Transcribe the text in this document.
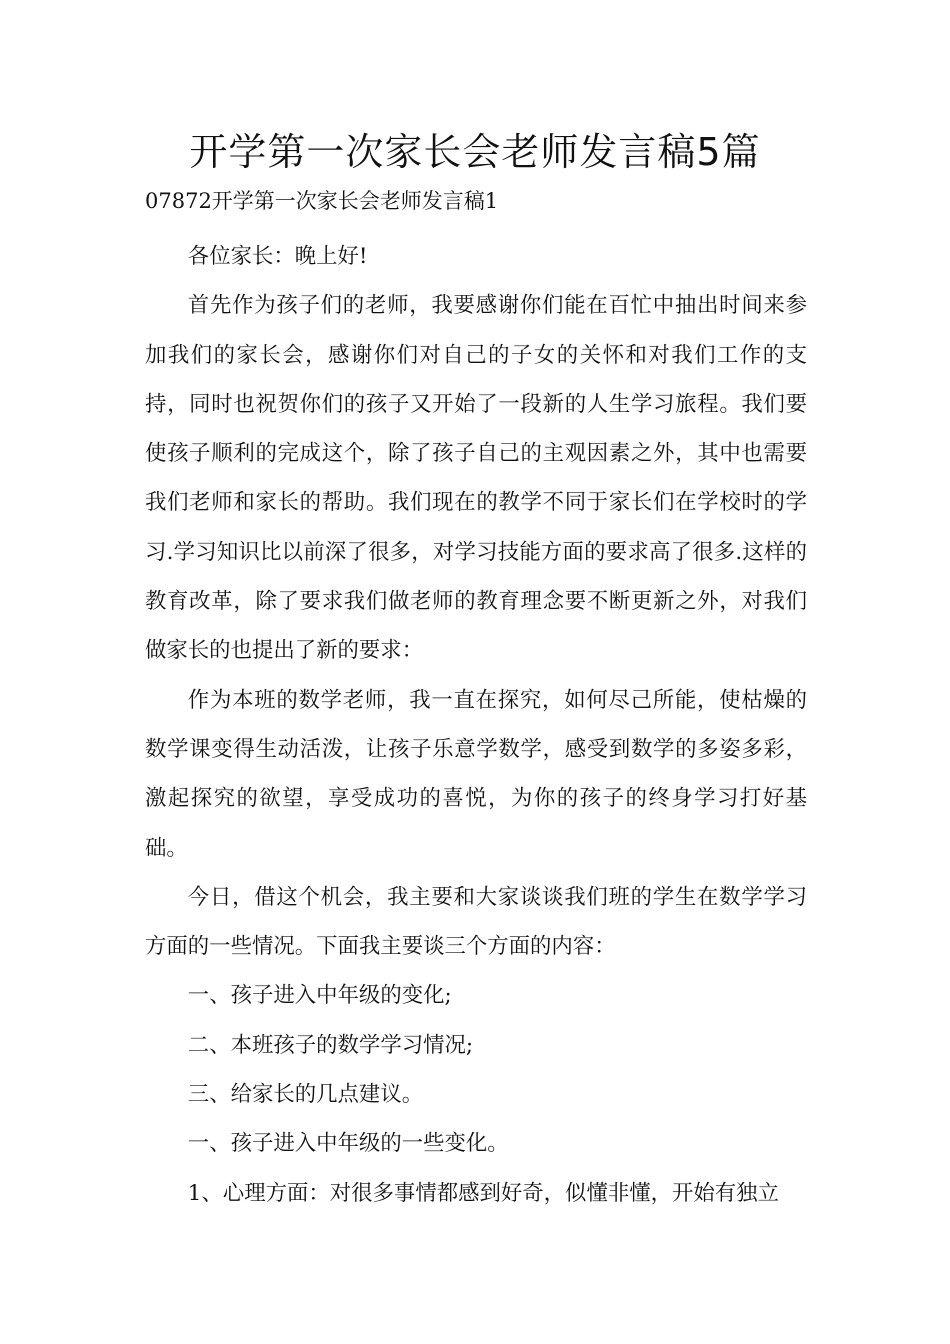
开学第一次家长会老师发言稿5篇
07872开学第一次家长会老师发言稿1

各位家长：晚上好!

首先作为孩子们的老师，我要感谢你们能在百忙中抽出时间来参加我们的家长会，感谢你们对自己的子女的关怀和对我们工作的支持，同时也祝贺你们的孩子又开始了一段新的人生学习旅程。我们要使孩子顺利的完成这个，除了孩子自己的主观因素之外，其中也需要我们老师和家长的帮助。我们现在的教学不同于家长们在学校时的学习.学习知识比以前深了很多，对学习技能方面的要求高了很多.这样的教育改革，除了要求我们做老师的教育理念要不断更新之外，对我们做家长的也提出了新的要求：

作为本班的数学老师，我一直在探究，如何尽己所能，使枯燥的数学课变得生动活泼，让孩子乐意学数学，感受到数学的多姿多彩，激起探究的欲望，享受成功的喜悦，为你的孩子的终身学习打好基础。

今日，借这个机会，我主要和大家谈谈我们班的学生在数学学习方面的一些情况。下面我主要谈三个方面的内容：

一、孩子进入中年级的变化;

二、本班孩子的数学学习情况;

三、给家长的几点建议。

一、孩子进入中年级的一些变化。

1、心理方面：对很多事情都感到好奇，似懂非懂，开始有独立
